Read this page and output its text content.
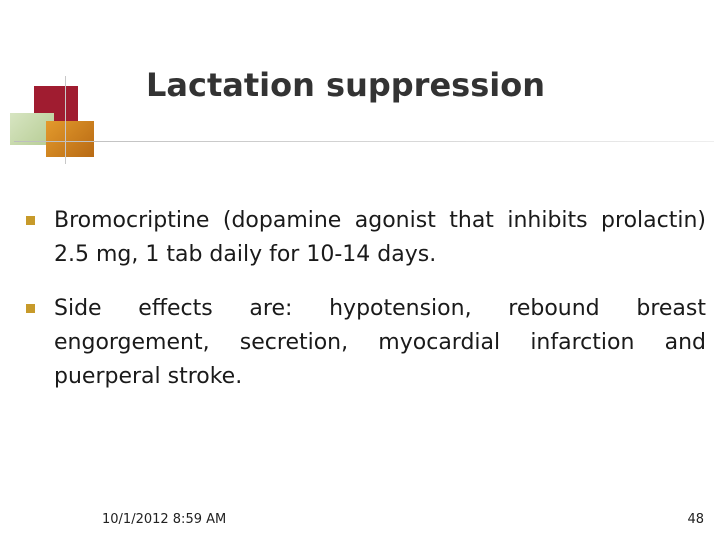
Lactation suppression
Bromocriptine (dopamine agonist that inhibits prolactin) 2.5 mg, 1 tab daily for 10-14 days.
Side effects are: hypotension, rebound breast engorgement, secretion, myocardial infarction and puerperal stroke.
10/1/2012 8:59 AM	48
